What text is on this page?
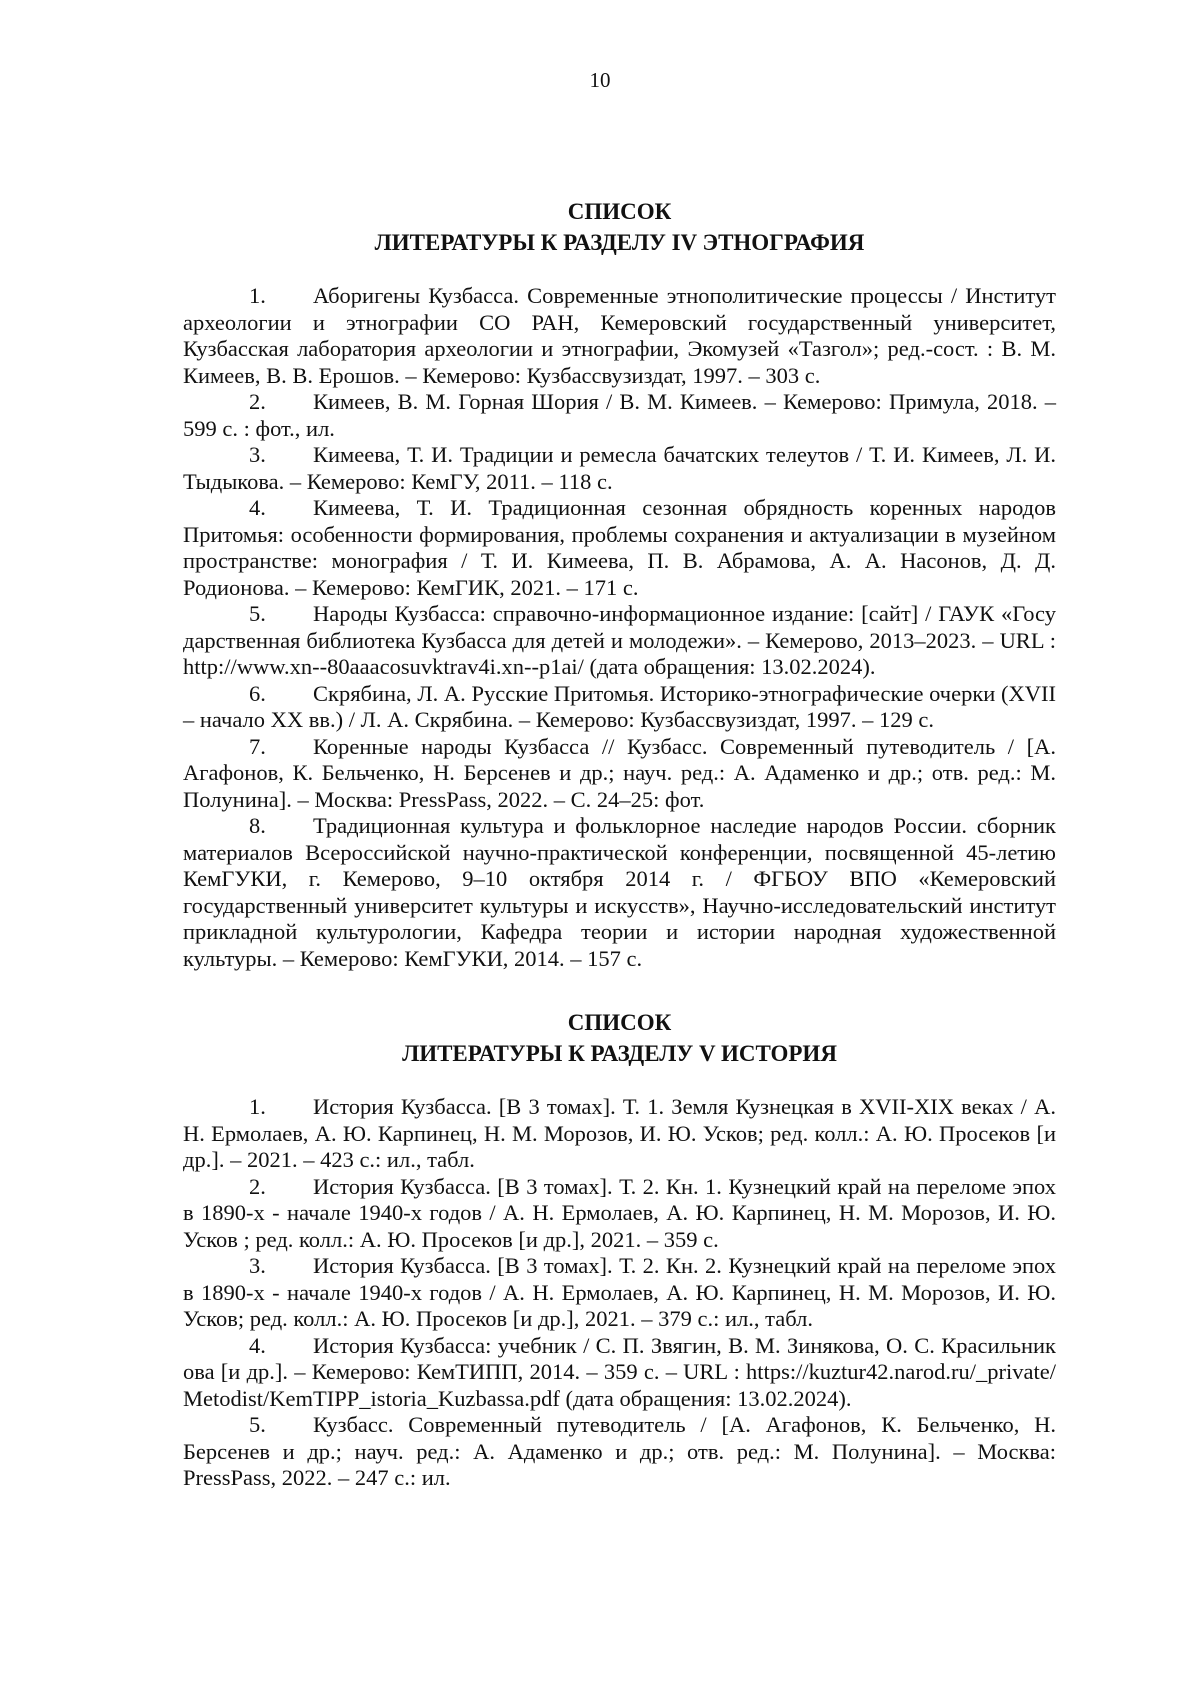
10
СПИСОК
ЛИТЕРАТУРЫ К РАЗДЕЛУ IV ЭТНОГРАФИЯ
1. Аборигены Кузбасса. Современные этнополитические процессы / Институт археологии и этнографии СО РАН, Кемеровский государственный университет, Кузбасская лаборатория археологии и этнографии, Экомузей «Тазгол»; ред.-сост. : В. М. Кимеев, В. В. Ерошов. – Кемерово: Кузбассвузиздат, 1997. – 303 с.
2. Кимеев, В. М. Горная Шория / В. М. Кимеев. – Кемерово: Примула, 2018. – 599 с. : фот., ил.
3. Кимеева, Т. И. Традиции и ремесла бачатских телеутов / Т. И. Кимеев, Л. И. Тыдыкова. – Кемерово: КемГУ, 2011. – 118 с.
4. Кимеева, Т. И. Традиционная сезонная обрядность коренных народов Притомья: особенности формирования, проблемы сохранения и актуализации в музейном пространстве: монография / Т. И. Кимеева, П. В. Абрамова, А. А. Насонов, Д. Д. Родионова. – Кемерово: КемГИК, 2021. – 171 с.
5. Народы Кузбасса: справочно-информационное издание: [сайт] / ГАУК «Государственная библиотека Кузбасса для детей и молодежи». – Кемерово, 2013–2023. – URL : http://www.xn--80aaacosuvktrav4i.xn--p1ai/ (дата обращения: 13.02.2024).
6. Скрябина, Л. А. Русские Притомья. Историко-этнографические очерки (XVII – начало XX вв.) / Л. А. Скрябина. – Кемерово: Кузбассвузиздат, 1997. – 129 с.
7. Коренные народы Кузбасса // Кузбасс. Современный путеводитель / [А. Агафонов, К. Бельченко, Н. Берсенев и др.; науч. ред.: А. Адаменко и др.; отв. ред.: М. Полунина]. – Москва: PressPass, 2022. – С. 24–25: фот.
8. Традиционная культура и фольклорное наследие народов России. сборник материалов Всероссийской научно-практической конференции, посвященной 45-летию КемГУКИ, г. Кемерово, 9–10 октября 2014 г. / ФГБОУ ВПО «Кемеровский государственный университет культуры и искусств», Научно-исследовательский институт прикладной культурологии, Кафедра теории и истории народная художественной культуры. – Кемерово: КемГУКИ, 2014. – 157 с.
СПИСОК
ЛИТЕРАТУРЫ К РАЗДЕЛУ V ИСТОРИЯ
1. История Кузбасса. [В 3 томах]. Т. 1. Земля Кузнецкая в XVII-XIX веках / А. Н. Ермолаев, А. Ю. Карпинец, Н. М. Морозов, И. Ю. Усков; ред. колл.: А. Ю. Просеков [и др.]. – 2021. – 423 с.: ил., табл.
2. История Кузбасса. [В 3 томах]. Т. 2. Кн. 1. Кузнецкий край на переломе эпох в 1890-х - начале 1940-х годов / А. Н. Ермолаев, А. Ю. Карпинец, Н. М. Морозов, И. Ю. Усков ; ред. колл.: А. Ю. Просеков [и др.], 2021. – 359 с.
3. История Кузбасса. [В 3 томах]. Т. 2. Кн. 2. Кузнецкий край на переломе эпох в 1890-х - начале 1940-х годов / А. Н. Ермолаев, А. Ю. Карпинец, Н. М. Морозов, И. Ю. Усков; ред. колл.: А. Ю. Просеков [и др.], 2021. – 379 с.: ил., табл.
4. История Кузбасса: учебник / С. П. Звягин, В. М. Зинякова, О. С. Красильникова [и др.]. – Кемерово: КемТИПП, 2014. – 359 с. – URL : https://kuztur42.narod.ru/_private/Metodist/KemTIPP_istoria_Kuzbassa.pdf (дата обращения: 13.02.2024).
5. Кузбасс. Современный путеводитель / [А. Агафонов, К. Бельченко, Н. Берсенев и др.; науч. ред.: А. Адаменко и др.; отв. ред.: М. Полунина]. – Москва: PressPass, 2022. – 247 с.: ил.
